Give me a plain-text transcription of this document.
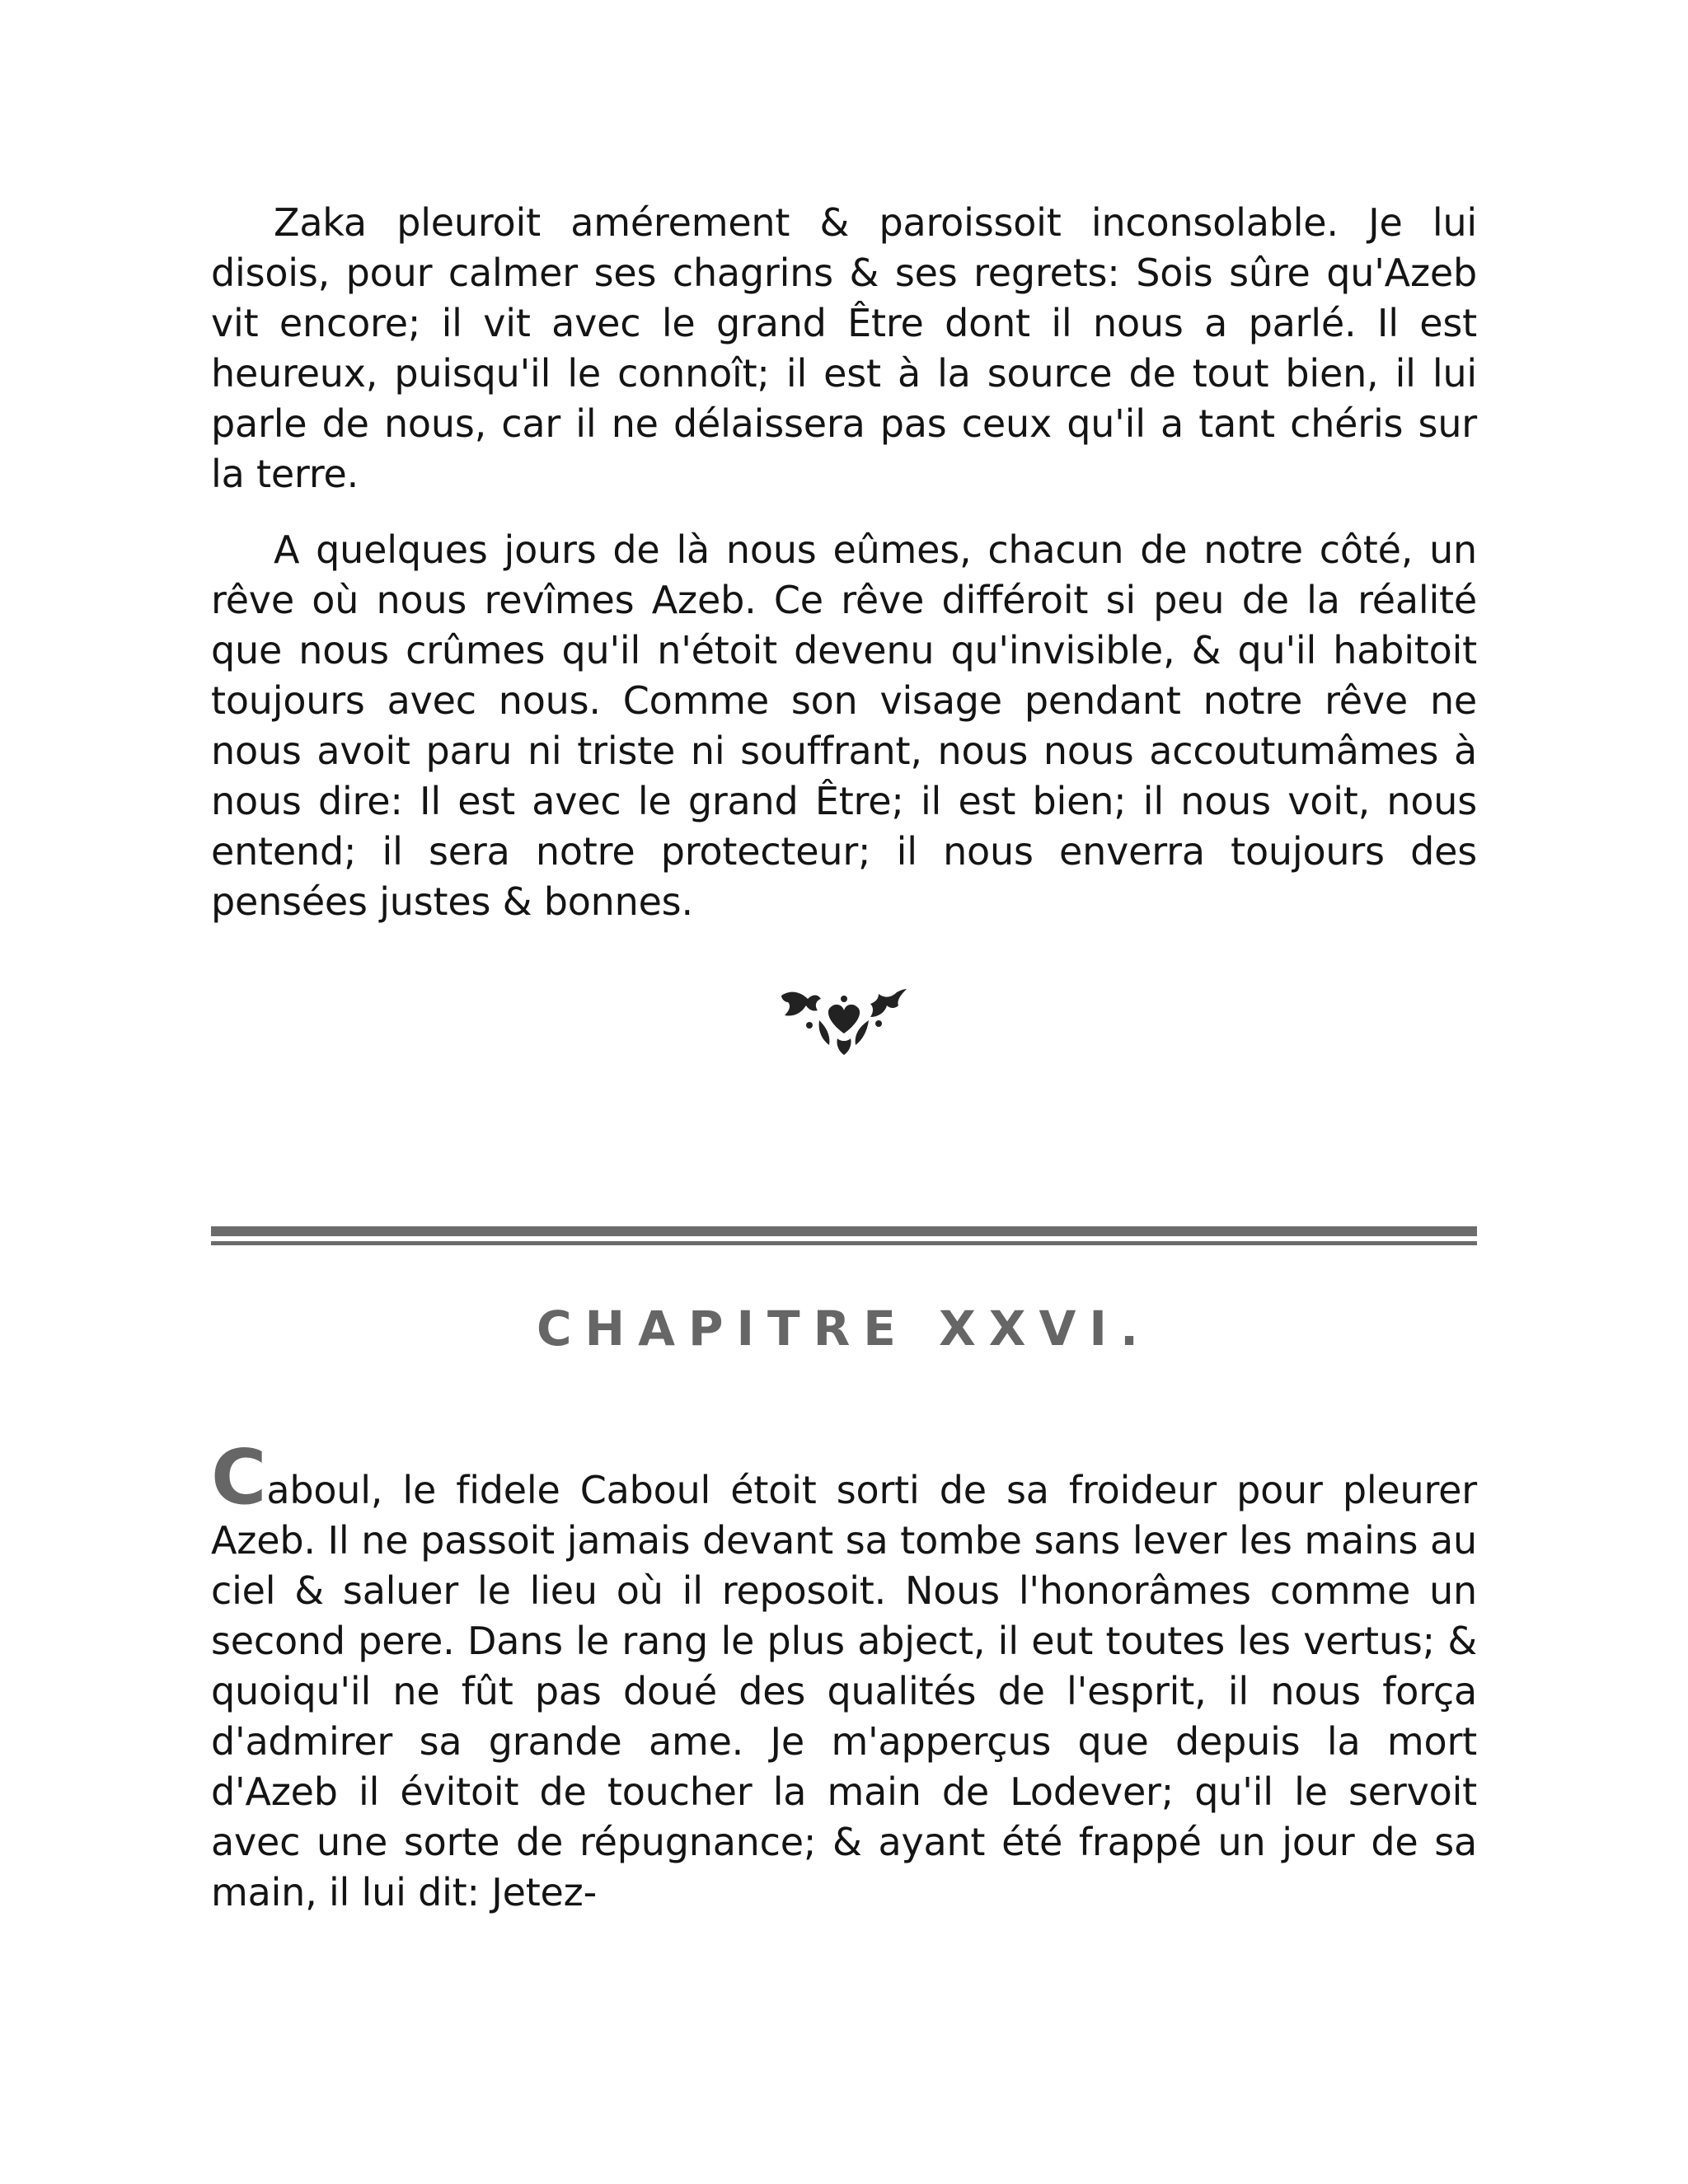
Zaka pleuroit amérement & paroissoit inconsolable. Je lui disois, pour calmer ses chagrins & ses regrets: Sois sûre qu'Azeb vit encore; il vit avec le grand Être dont il nous a parlé. Il est heureux, puisqu'il le connoît; il est à la source de tout bien, il lui parle de nous, car il ne délaissera pas ceux qu'il a tant chéris sur la terre.

A quelques jours de là nous eûmes, chacun de notre côté, un rêve où nous revîmes Azeb. Ce rêve différoit si peu de la réalité que nous crûmes qu'il n'étoit devenu qu'invisible, & qu'il habitoit toujours avec nous. Comme son visage pendant notre rêve ne nous avoit paru ni triste ni souffrant, nous nous accoutumâmes à nous dire: Il est avec le grand Être; il est bien; il nous voit, nous entend; il sera notre protecteur; il nous enverra toujours des pensées justes & bonnes.

CHAPITRE XXVI.

Caboul, le fidele Caboul étoit sorti de sa froideur pour pleurer Azeb. Il ne passoit jamais devant sa tombe sans lever les mains au ciel & saluer le lieu où il reposoit. Nous l'honorâmes comme un second pere. Dans le rang le plus abject, il eut toutes les vertus; & quoiqu'il ne fût pas doué des qualités de l'esprit, il nous força d'admirer sa grande ame. Je m'apperçus que depuis la mort d'Azeb il évitoit de toucher la main de Lodever; qu'il le servoit avec une sorte de répugnance; & ayant été frappé un jour de sa main, il lui dit: Jetez-
